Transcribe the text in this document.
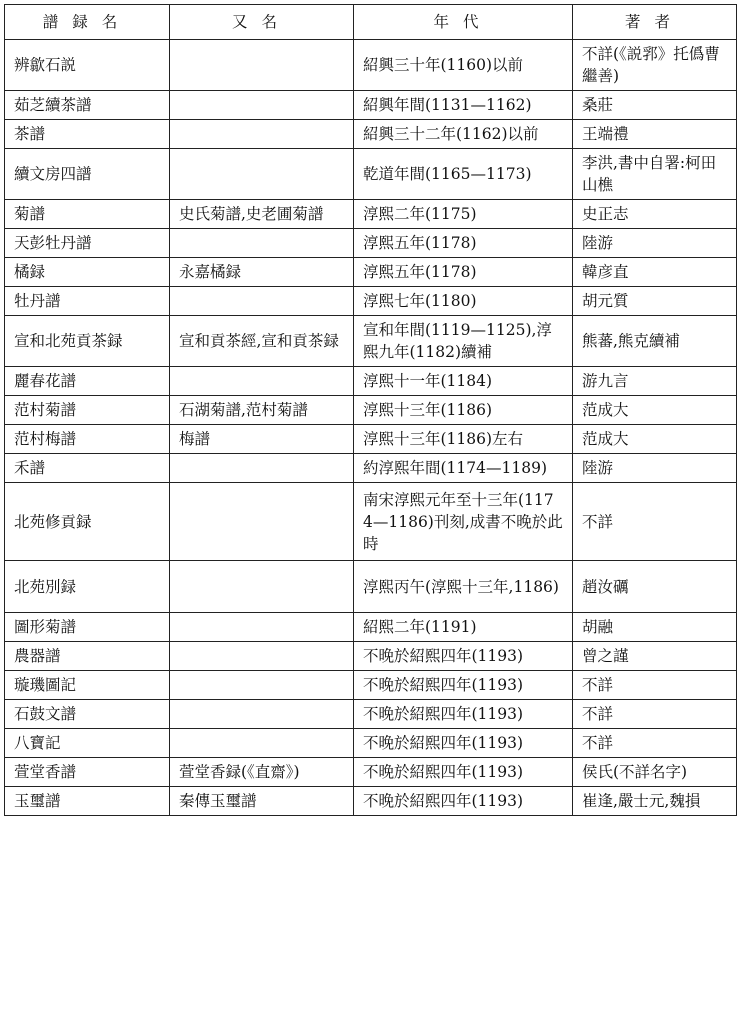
譜録名	又名	年代	著者
辨歙石説		紹興三十年(1160)以前	不詳(《説郛》托僞曹繼善)
茹芝續茶譜		紹興年間(1131—1162)	桑莊
茶譜		紹興三十二年(1162)以前	王端禮
續文房四譜		乾道年間(1165—1173)	李洪,書中自署:柯田山樵
菊譜	史氏菊譜,史老圃菊譜	淳熙二年(1175)	史正志
天彭牡丹譜		淳熙五年(1178)	陸游
橘録	永嘉橘録	淳熙五年(1178)	韓彦直
牡丹譜		淳熙七年(1180)	胡元質
宣和北苑貢茶録	宣和貢茶經,宣和貢茶録	宣和年間(1119—1125),淳熙九年(1182)續補	熊蕃,熊克續補
麗春花譜		淳熙十一年(1184)	游九言
范村菊譜	石湖菊譜,范村菊譜	淳熙十三年(1186)	范成大
范村梅譜	梅譜	淳熙十三年(1186)左右	范成大
禾譜		約淳熙年間(1174—1189)	陸游
北苑修貢録		南宋淳熙元年至十三年(1174—1186)刊刻,成書不晚於此時	不詳
北苑別録		淳熙丙午(淳熙十三年,1186)	趙汝礪
圖形菊譜		紹熙二年(1191)	胡融
農器譜		不晚於紹熙四年(1193)	曾之謹
璇璣圖記		不晚於紹熙四年(1193)	不詳
石鼓文譜		不晚於紹熙四年(1193)	不詳
八寶記		不晚於紹熙四年(1193)	不詳
萱堂香譜	萱堂香録(《直齋》)	不晚於紹熙四年(1193)	侯氏(不詳名字)
玉璽譜	秦傳玉璽譜	不晚於紹熙四年(1193)	崔逢,嚴士元,魏損
